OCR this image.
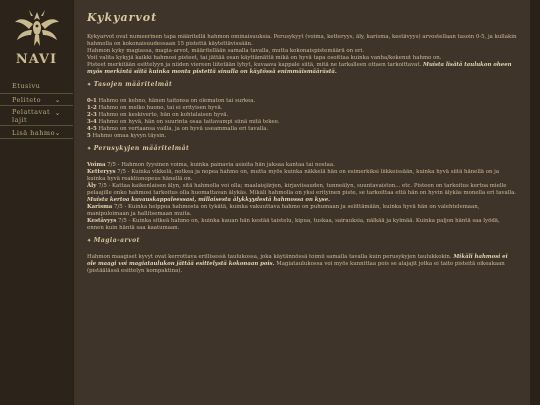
NAVI
Etusivu
Peliteto ⌄
Pelattavat lajit
⌄
Lisä hahmo ⌄
Kykyarvot

Kykyarvot ovat numeerinen tapa määritellä hahmon ominaisuuksia. Perusykyyt (voima, ketteryys, äly, karisma, kestävyys) arvostellaan tasoin 0-5, ja kullakin hahmolla on kokonaisuudessaan 15 pistettä käytettävissään.

Hahmon kyky magiassa, magia-arvot, määritellään samalla tavalla, mutta kokonaispistemäärä on eri.

Voit valita kykyjä kaikki hahmosi pisteet, tai jättää osan käyttämättä mikä on hyvä tapa osoittaa kuinka vanha/kokenut hahmo on.

Pisteet merkitään esittelyyn ja niiden viereen liitetään lyhyt, kuvaava kappale siitä, mitä ne tarkalleen ottaen tarkoittavat. Muista lisätä taulukon oheen myös merkintä siitä kuinka monta pistettä sinulla on käytössä enimmäismäärästä.

✦ Tasojen määritelmät

0-1 Hahmo on kehno, hänen taitonsa on olematon tai surkea.

1-2 Hahmo on melko huono, tai ei erityisen hyvä.

2-3 Hahmo on keskiverto, hän on kohtalaisen hyvä.

3-4 Hahmo on hyvä, hän on suurinta osaa taitavampi siinä mitä tekee.

4-5 Hahmo on vertaansa vailla, ja on hyvä useammalla eri tavalla.

5 Hahmo omaa kyvyn täysin.

✦ Perusykyjen määritelmät

Voima 7/5 - Hahmon fyysinen voima, kuinka painavia asioita hän jaksaa kantaa tai nostaa.

Ketteryys 7/5 - Kuinka vikkelä, notkea ja nopea hahmo on, mutta myös kuinka näkkelä hän on esimerkiksi liikkeissään, kuinka hyvä siitä hänellä on ja kuinka hyvä reaktionopeus hänellä on.

Äly 7/5 - Kattaa kaikenlaisen älyn, sitä hahmolla voi olla; maalaisjärjen, kirjaviisauden, tunneälyn, suuntavaiston... etc. Pisteen on tarkoitus kertoa mielle pelaajille onko hahmosi tarkoitus olla huomattavan älykäs. Mikäli hahmolla on yksi erityinen piste, se tarkoittaa että hän on hyvin älykäs monella eri tavalla. Muista kertoa kuvauskappaleessasi, millaisesta älykkyydestä hahmossa on kyse.

Karisma 7/5 - Kuinka helppoa hahmosta on tykätä, kuinka vakuuttava hahmo on puhumaan ja selittämään, kuinka hyvä hän on valehtelemaan, manipuloimaan ja hallitsemaan muita.

Kestävyys 7/5 - Kuinka sitkeä hahmo on, kuinka kauan hän kestää taistelu, kipua, tuskaa, sairauksia, nälkää ja kylmää. Kuinka paljon häntä saa lyödä, ennen kuin häntä saa kaatumaan.

✦ Magia-arvot

Hahmon maagiset kyvyt ovat kerrottava erillisessä taulukossa, joka käytännössä toimii samalla tavalla kuin perusykyjen taulukkokin. Mikäli hahmosi ei ole maagi voi magiataulukon jättää esittelystä kokonaan pois. Magiataulukossa voi myös kunnittaa pois se alajajit jotka ei taito pisteitä oikeakaan (pistäälässä esittelyn kompaktina).
